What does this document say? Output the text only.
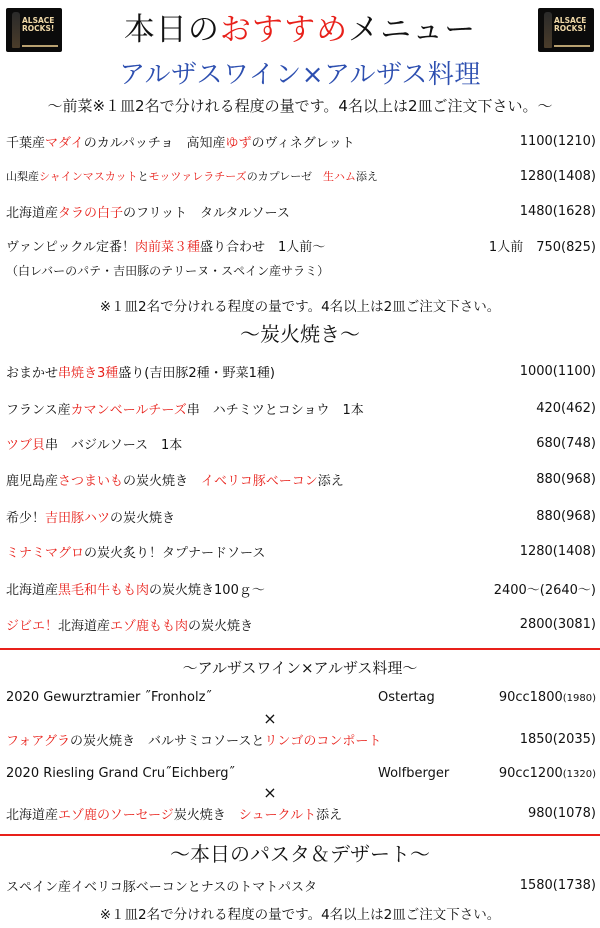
ALSACE
ROCKS!
ALSACE
ROCKS!
本日のおすすめメニュー
アルザスワイン×アルザス料理
～前菜※１皿2名で分けれる程度の量です。4名以上は2皿ご注文下さい。～
千葉産マダイのカルパッチョ　高知産ゆずのヴィネグレット	1100(1210)
山梨産シャインマスカットとモッツァレラチーズのカプレーゼ　生ハム添え	1280(1408)
北海道産タラの白子のフリット　タルタルソース	1480(1628)
ヴァンピックル定番！肉前菜３種盛り合わせ　1人前～	1人前　 750(825)
（白レバーのパテ・吉田豚のテリーヌ・スペイン産サラミ）
※１皿2名で分けれる程度の量です。4名以上は2皿ご注文下さい。
～炭火焼き～
おまかせ串焼き3種盛り(吉田豚2種・野菜1種)	1000(1100)
フランス産カマンベールチーズ串　ハチミツとコショウ　1本	420(462)
ツブ貝串　バジルソース　1本	680(748)
鹿児島産さつまいもの炭火焼き　イベリコ豚ベーコン添え	880(968)
希少！吉田豚ハツの炭火焼き	880(968)
ミナミマグロの炭火炙り！タプナードソース	1280(1408)
北海道産黒毛和牛もも肉の炭火焼き100ｇ～	2400～(2640～)
ジビエ！北海道産エゾ鹿もも肉の炭火焼き	2800(3081)
～アルザスワイン×アルザス料理～
2020 Gewurztramier ˝Fronholz˝	Ostertag	90cc1800(1980)
×
フォアグラの炭火焼き　バルサミコソースとリンゴのコンポート	1850(2035)
2020 Riesling Grand Cru˝Eichberg˝	Wolfberger	90cc1200(1320)
×
北海道産エゾ鹿のソーセージ炭火焼き　シュークルト添え	980(1078)
～本日のパスタ＆デザート～
スペイン産イベリコ豚ベーコンとナスのトマトパスタ	1580(1738)
※１皿2名で分けれる程度の量です。4名以上は2皿ご注文下さい。
